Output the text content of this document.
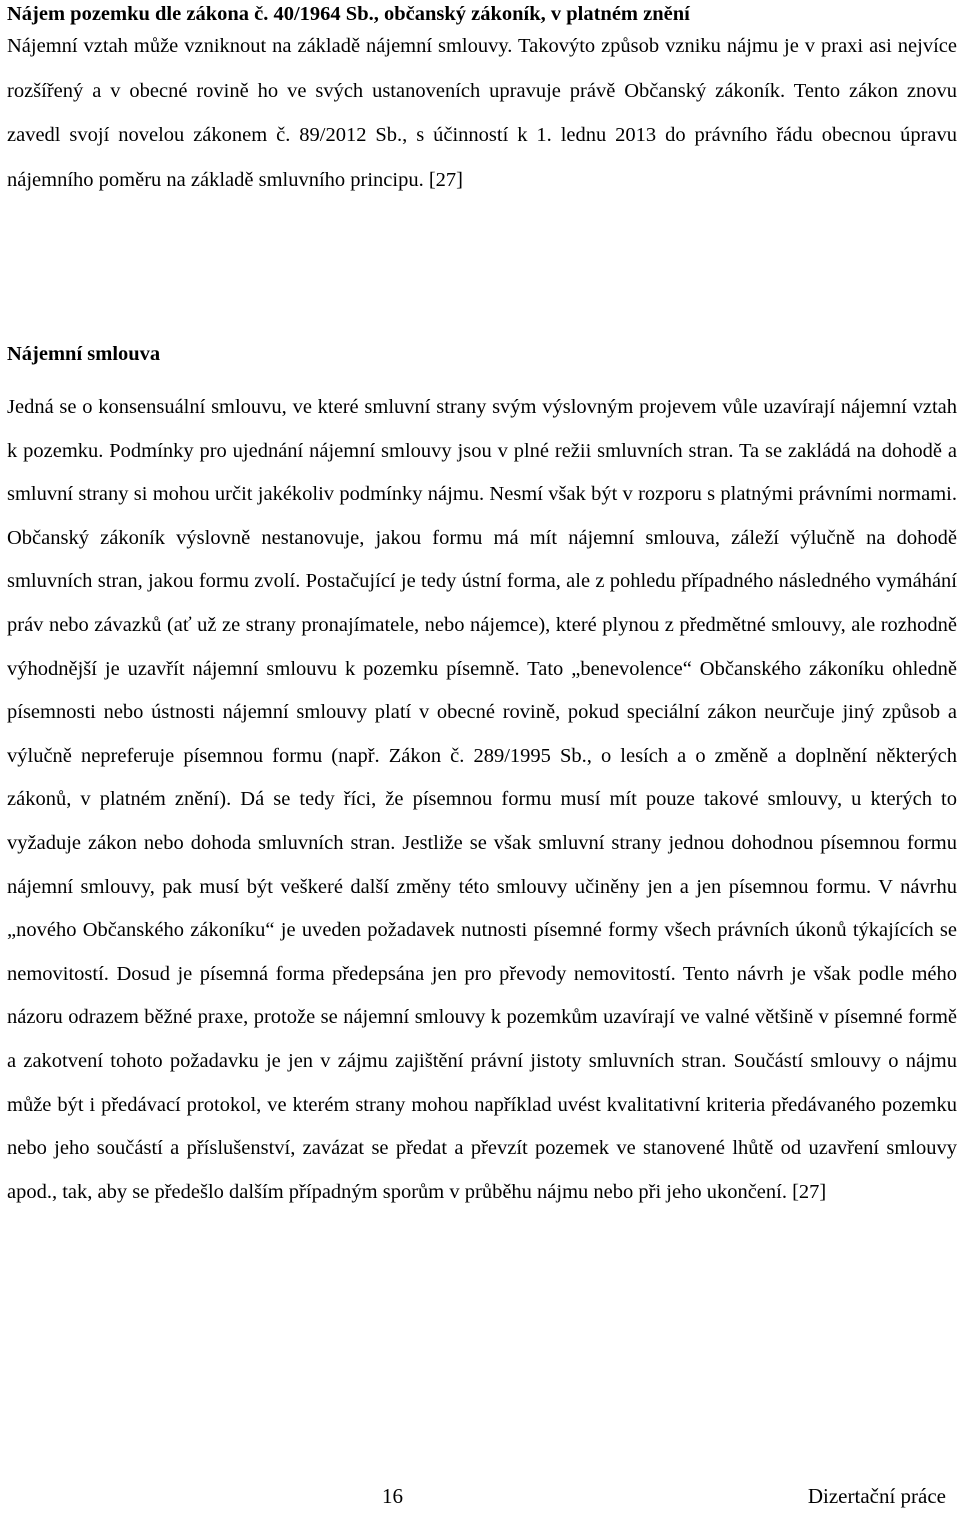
Nájem pozemku dle zákona č. 40/1964 Sb., občanský zákoník, v platném znění

Nájemní vztah může vzniknout na základě nájemní smlouvy. Takovýto způsob vzniku nájmu je v praxi asi nejvíce rozšířený a v obecné rovině ho ve svých ustanoveních upravuje právě Občanský zákoník. Tento zákon znovu zavedl svojí novelou zákonem č. 89/2012 Sb., s účinností k 1. lednu 2013 do právního řádu obecnou úpravu nájemního poměru na základě smluvního principu. [27]

Nájemní smlouva

Jedná se o konsensuální smlouvu, ve které smluvní strany svým výslovným projevem vůle uzavírají nájemní vztah k pozemku. Podmínky pro ujednání nájemní smlouvy jsou v plné režii smluvních stran. Ta se zakládá na dohodě a smluvní strany si mohou určit jakékoliv podmínky nájmu. Nesmí však být v rozporu s platnými právními normami. Občanský zákoník výslovně nestanovuje, jakou formu má mít nájemní smlouva, záleží výlučně na dohodě smluvních stran, jakou formu zvolí. Postačující je tedy ústní forma, ale z pohledu případného následného vymáhání práv nebo závazků (ať už ze strany pronajímatele, nebo nájemce), které plynou z předmětné smlouvy, ale rozhodně výhodnější je uzavřít nájemní smlouvu k pozemku písemně. Tato „benevolence“ Občanského zákoníku ohledně písemnosti nebo ústnosti nájemní smlouvy platí v obecné rovině, pokud speciální zákon neurčuje jiný způsob a výlučně nepreferuje písemnou formu (např. Zákon č. 289/1995 Sb., o lesích a o změně a doplnění některých zákonů, v platném znění). Dá se tedy říci, že písemnou formu musí mít pouze takové smlouvy, u kterých to vyžaduje zákon nebo dohoda smluvních stran. Jestliže se však smluvní strany jednou dohodnou písemnou formu nájemní smlouvy, pak musí být veškeré další změny této smlouvy učiněny jen a jen písemnou formu. V návrhu „nového Občanského zákoníku“ je uveden požadavek nutnosti písemné formy všech právních úkonů týkajících se nemovitostí. Dosud je písemná forma předepsána jen pro převody nemovitostí. Tento návrh je však podle mého názoru odrazem běžné praxe, protože se nájemní smlouvy k pozemkům uzavírají ve valné většině v písemné formě a zakotvení tohoto požadavku je jen v zájmu zajištění právní jistoty smluvních stran. Součástí smlouvy o nájmu může být i předávací protokol, ve kterém strany mohou například uvést kvalitativní kriteria předávaného pozemku nebo jeho součástí a příslušenství, zavázat se předat a převzít pozemek ve stanovené lhůtě od uzavření smlouvy apod., tak, aby se předešlo dalším případným sporům v průběhu nájmu nebo při jeho ukončení. [27]

16	Dizertační práce
